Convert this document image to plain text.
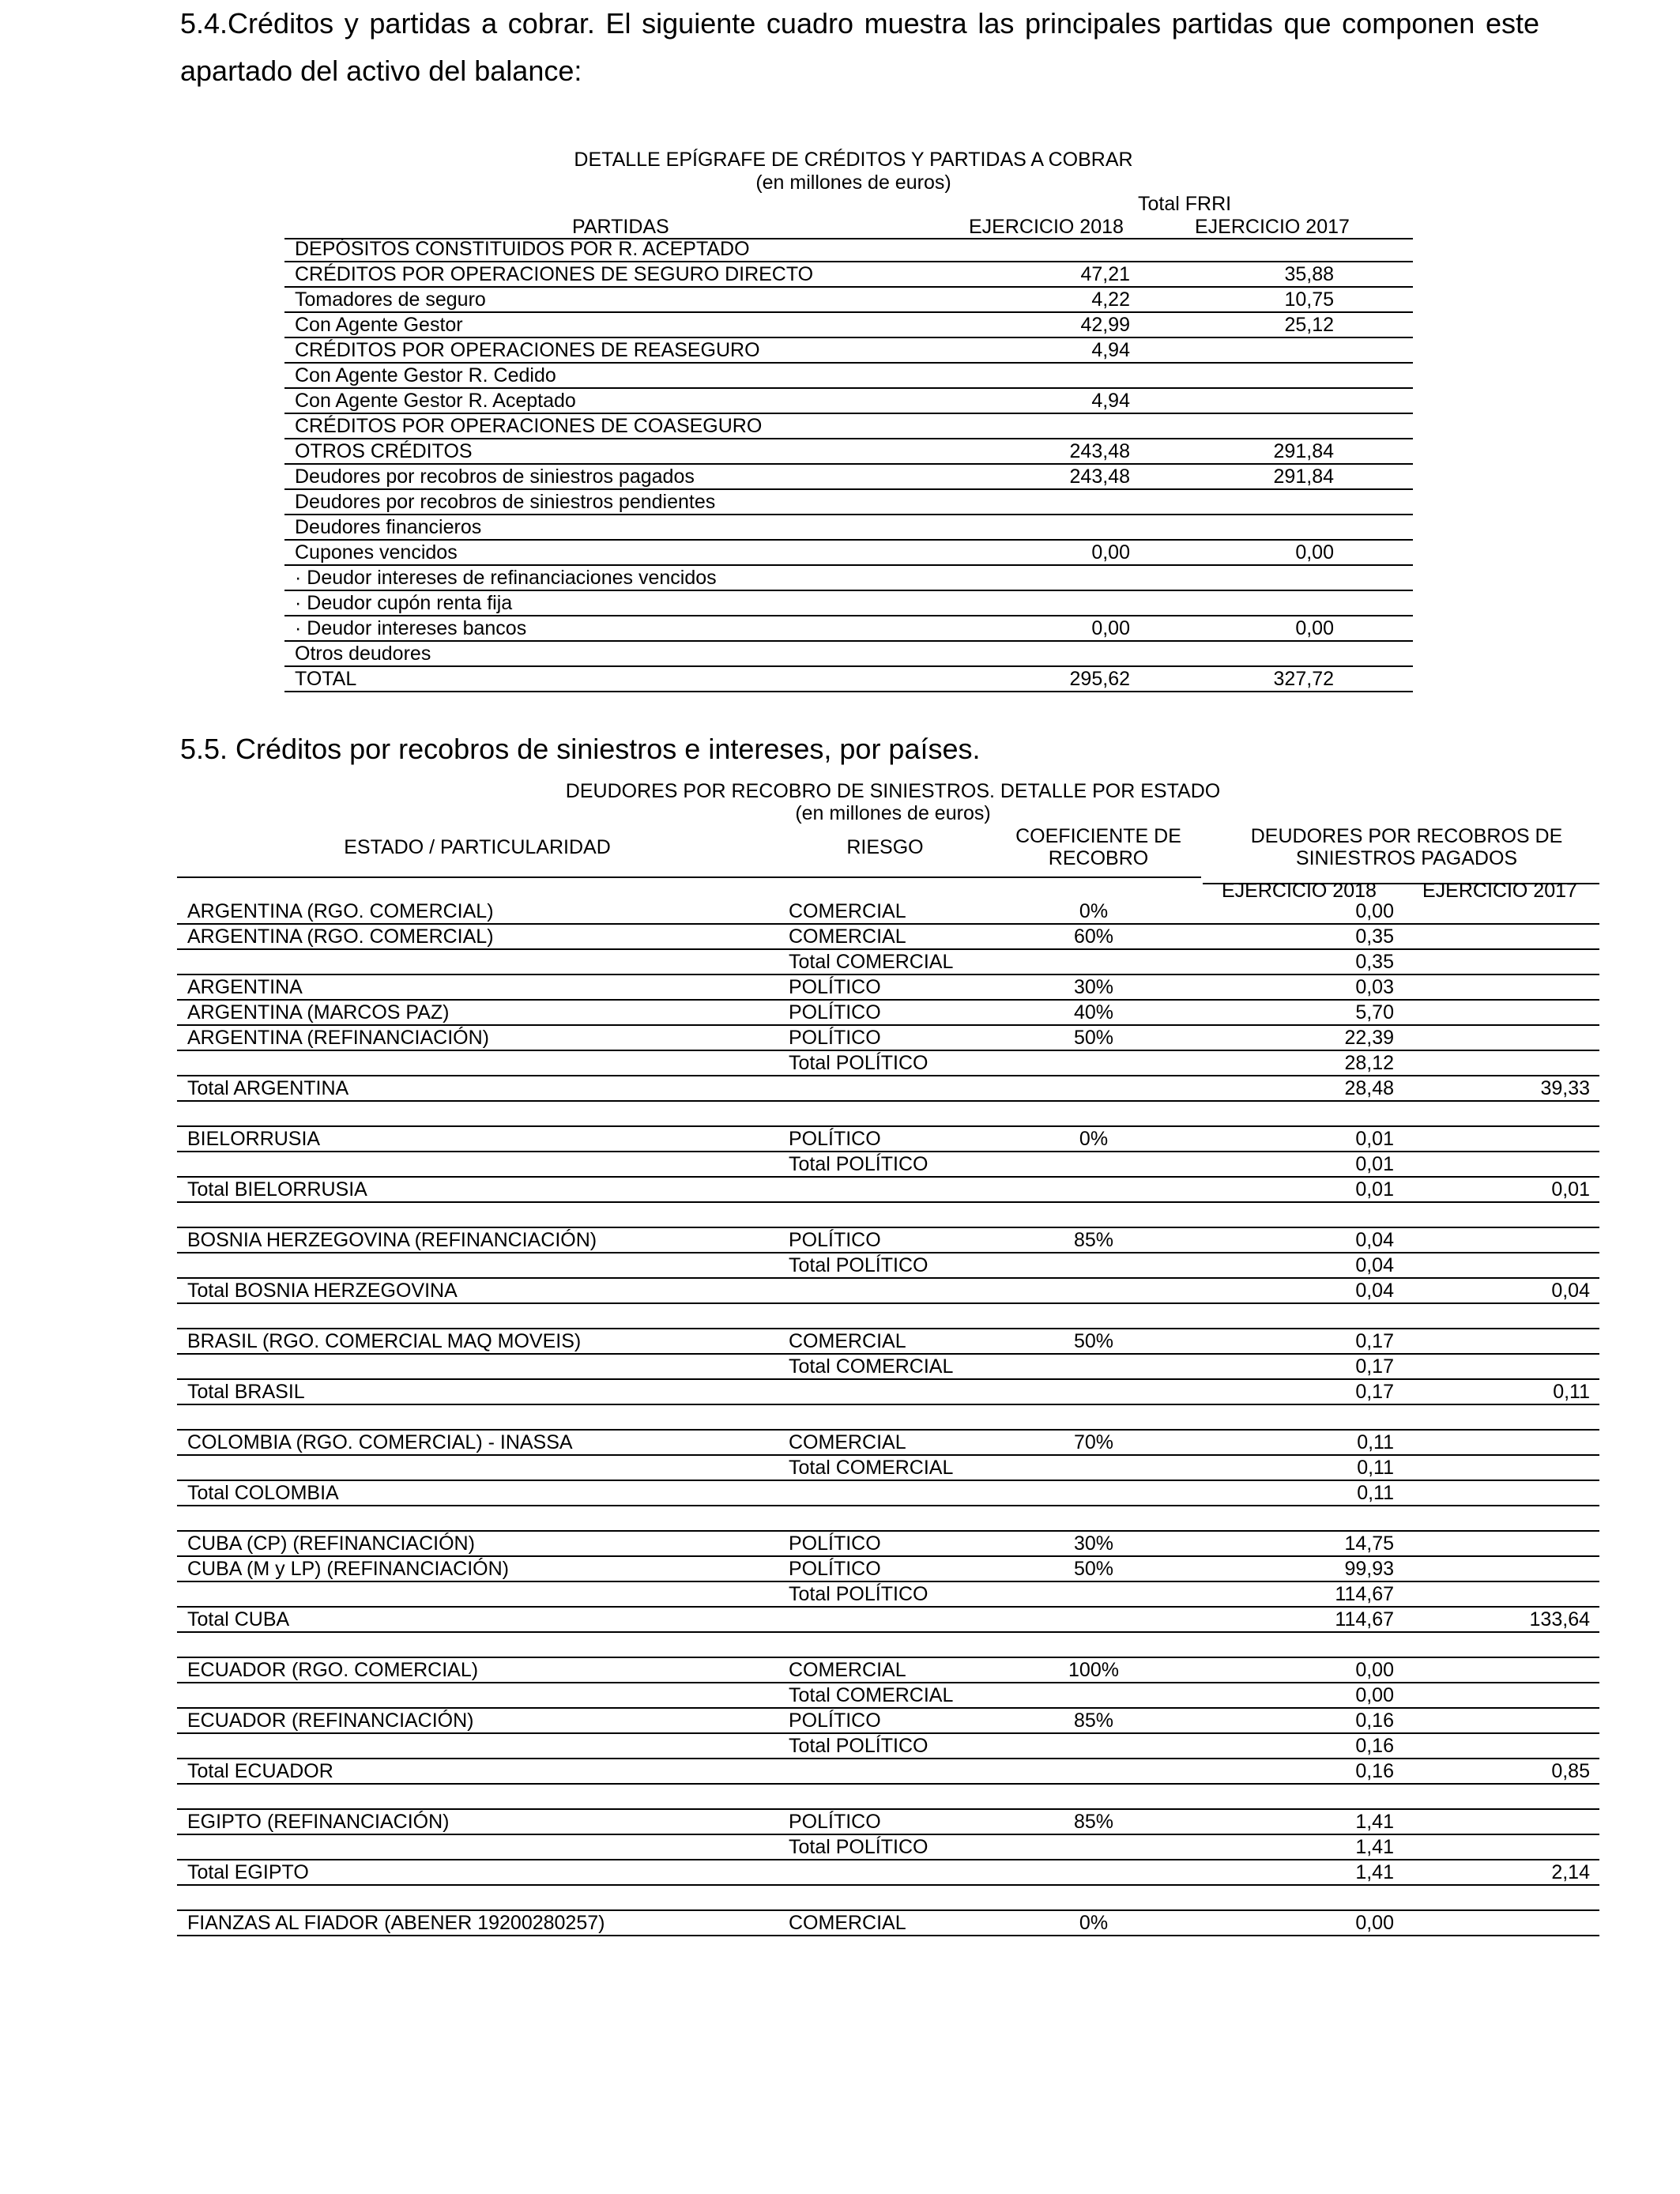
5.4.Créditos y partidas a cobrar. El siguiente cuadro muestra las principales partidas que componen este apartado del activo del balance:
DETALLE EPÍGRAFE DE CRÉDITOS Y PARTIDAS A COBRAR
(en millones de euros)
Total FRRI
PARTIDAS	EJERCICIO 2018	EJERCICIO 2017
DEPÓSITOS CONSTITUIDOS POR R. ACEPTADO		
CRÉDITOS POR OPERACIONES DE SEGURO DIRECTO	47,21	35,88
Tomadores de seguro	4,22	10,75
Con Agente Gestor	42,99	25,12
CRÉDITOS POR OPERACIONES DE REASEGURO	4,94	
Con Agente Gestor R. Cedido		
Con Agente Gestor R. Aceptado	4,94	
CRÉDITOS POR OPERACIONES DE COASEGURO		
OTROS CRÉDITOS	243,48	291,84
Deudores por recobros de siniestros pagados	243,48	291,84
Deudores por recobros de siniestros pendientes		
Deudores financieros		
Cupones vencidos	0,00	0,00
· Deudor intereses de refinanciaciones vencidos		
· Deudor cupón renta fija		
· Deudor intereses bancos	0,00	0,00
Otros deudores		
TOTAL	295,62	327,72
5.5. Créditos por recobros de siniestros e intereses, por países.
DEUDORES POR RECOBRO DE SINIESTROS. DETALLE POR ESTADO
(en millones de euros)
ESTADO / PARTICULARIDAD	RIESGO	COEFICIENTE DE RECOBRO
DEUDORES POR RECOBROS DE SINIESTROS PAGADOS
EJERCICIO 2018 EJERCICIO 2017
ARGENTINA (RGO. COMERCIAL)	COMERCIAL	0%	0,00	
ARGENTINA (RGO. COMERCIAL)	COMERCIAL	60%	0,35	
	Total COMERCIAL		0,35	
ARGENTINA	POLÍTICO	30%	0,03	
ARGENTINA (MARCOS PAZ)	POLÍTICO	40%	5,70	
ARGENTINA (REFINANCIACIÓN)	POLÍTICO	50%	22,39	
	Total POLÍTICO		28,12	
Total ARGENTINA			28,48	39,33

BIELORRUSIA	POLÍTICO	0%	0,01	
	Total POLÍTICO		0,01	
Total BIELORRUSIA			0,01	0,01

BOSNIA HERZEGOVINA (REFINANCIACIÓN)	POLÍTICO	85%	0,04	
	Total POLÍTICO		0,04	
Total BOSNIA HERZEGOVINA			0,04	0,04

BRASIL (RGO. COMERCIAL MAQ MOVEIS)	COMERCIAL	50%	0,17	
	Total COMERCIAL		0,17	
Total BRASIL			0,17	0,11

COLOMBIA (RGO. COMERCIAL) - INASSA	COMERCIAL	70%	0,11	
	Total COMERCIAL		0,11	
Total COLOMBIA			0,11	

CUBA (CP) (REFINANCIACIÓN)	POLÍTICO	30%	14,75	
CUBA (M y LP) (REFINANCIACIÓN)	POLÍTICO	50%	99,93	
	Total POLÍTICO		114,67	
Total CUBA			114,67	133,64

ECUADOR (RGO. COMERCIAL)	COMERCIAL	100%	0,00	
	Total COMERCIAL		0,00	
ECUADOR (REFINANCIACIÓN)	POLÍTICO	85%	0,16	
	Total POLÍTICO		0,16	
Total ECUADOR			0,16	0,85

EGIPTO (REFINANCIACIÓN)	POLÍTICO	85%	1,41	
	Total POLÍTICO		1,41	
Total EGIPTO			1,41	2,14

FIANZAS AL FIADOR (ABENER 19200280257)	COMERCIAL	0%	0,00	
